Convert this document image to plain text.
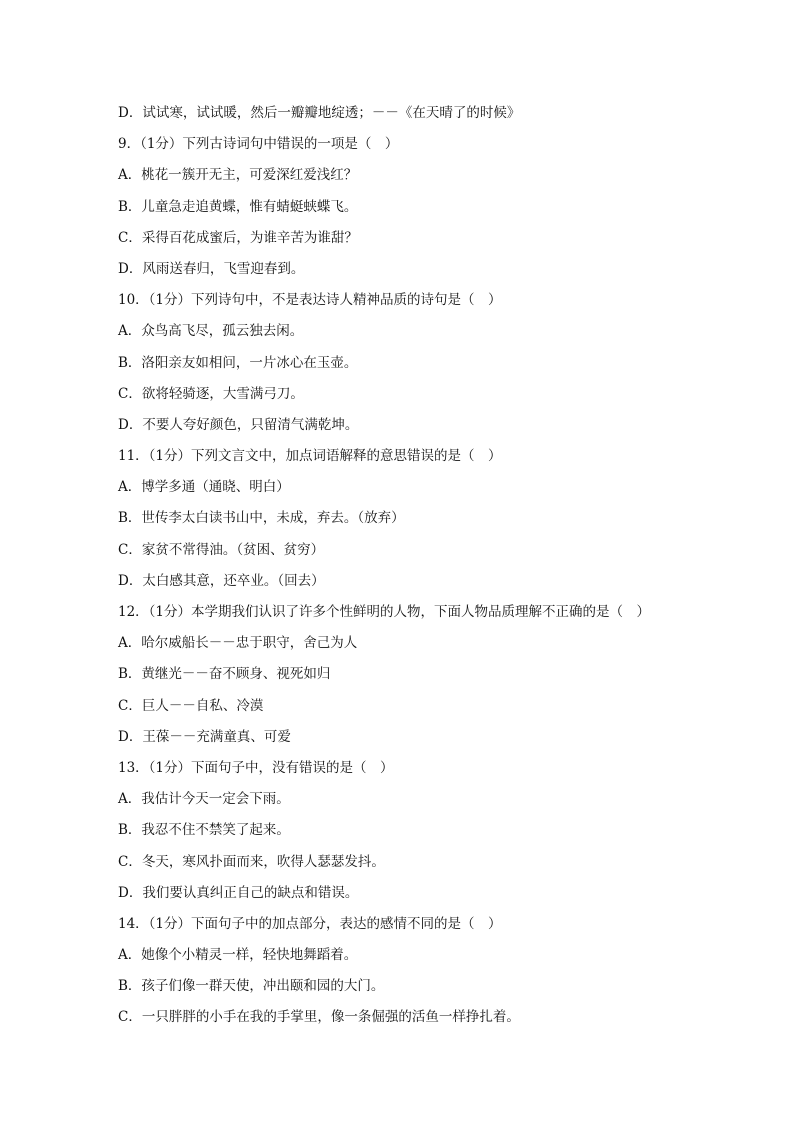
D．试试寒，试试暖，然后一瓣瓣地绽透；－－《在天晴了的时候》
9．（1分）下列古诗词句中错误的一项是（　）
A．桃花一簇开无主，可爱深红爱浅红？
B．儿童急走追黄蝶，惟有蜻蜓蛱蝶飞。
C．采得百花成蜜后，为谁辛苦为谁甜？
D．风雨送春归，飞雪迎春到。
10．（1分）下列诗句中，不是表达诗人精神品质的诗句是（　）
A．众鸟高飞尽，孤云独去闲。
B．洛阳亲友如相问，一片冰心在玉壶。
C．欲将轻骑逐，大雪满弓刀。
D．不要人夸好颜色，只留清气满乾坤。
11．（1分）下列文言文中，加点词语解释的意思错误的是（　）
A．博学多通（通晓、明白）
B．世传李太白读书山中，未成，弃去。（放弃）
C．家贫不常得油。（贫困、贫穷）
D．太白感其意，还卒业。（回去）
12．（1分）本学期我们认识了许多个性鲜明的人物，下面人物品质理解不正确的是（　）
A．哈尔威船长－－忠于职守，舍己为人
B．黄继光－－奋不顾身、视死如归
C．巨人－－自私、冷漠
D．王葆－－充满童真、可爱
13．（1分）下面句子中，没有错误的是（　）
A．我估计今天一定会下雨。
B．我忍不住不禁笑了起来。
C．冬天，寒风扑面而来，吹得人瑟瑟发抖。
D．我们要认真纠正自己的缺点和错误。
14．（1分）下面句子中的加点部分，表达的感情不同的是（　）
A．她像个小精灵一样，轻快地舞蹈着。
B．孩子们像一群天使，冲出颐和园的大门。
C．一只胖胖的小手在我的手掌里，像一条倔强的活鱼一样挣扎着。
